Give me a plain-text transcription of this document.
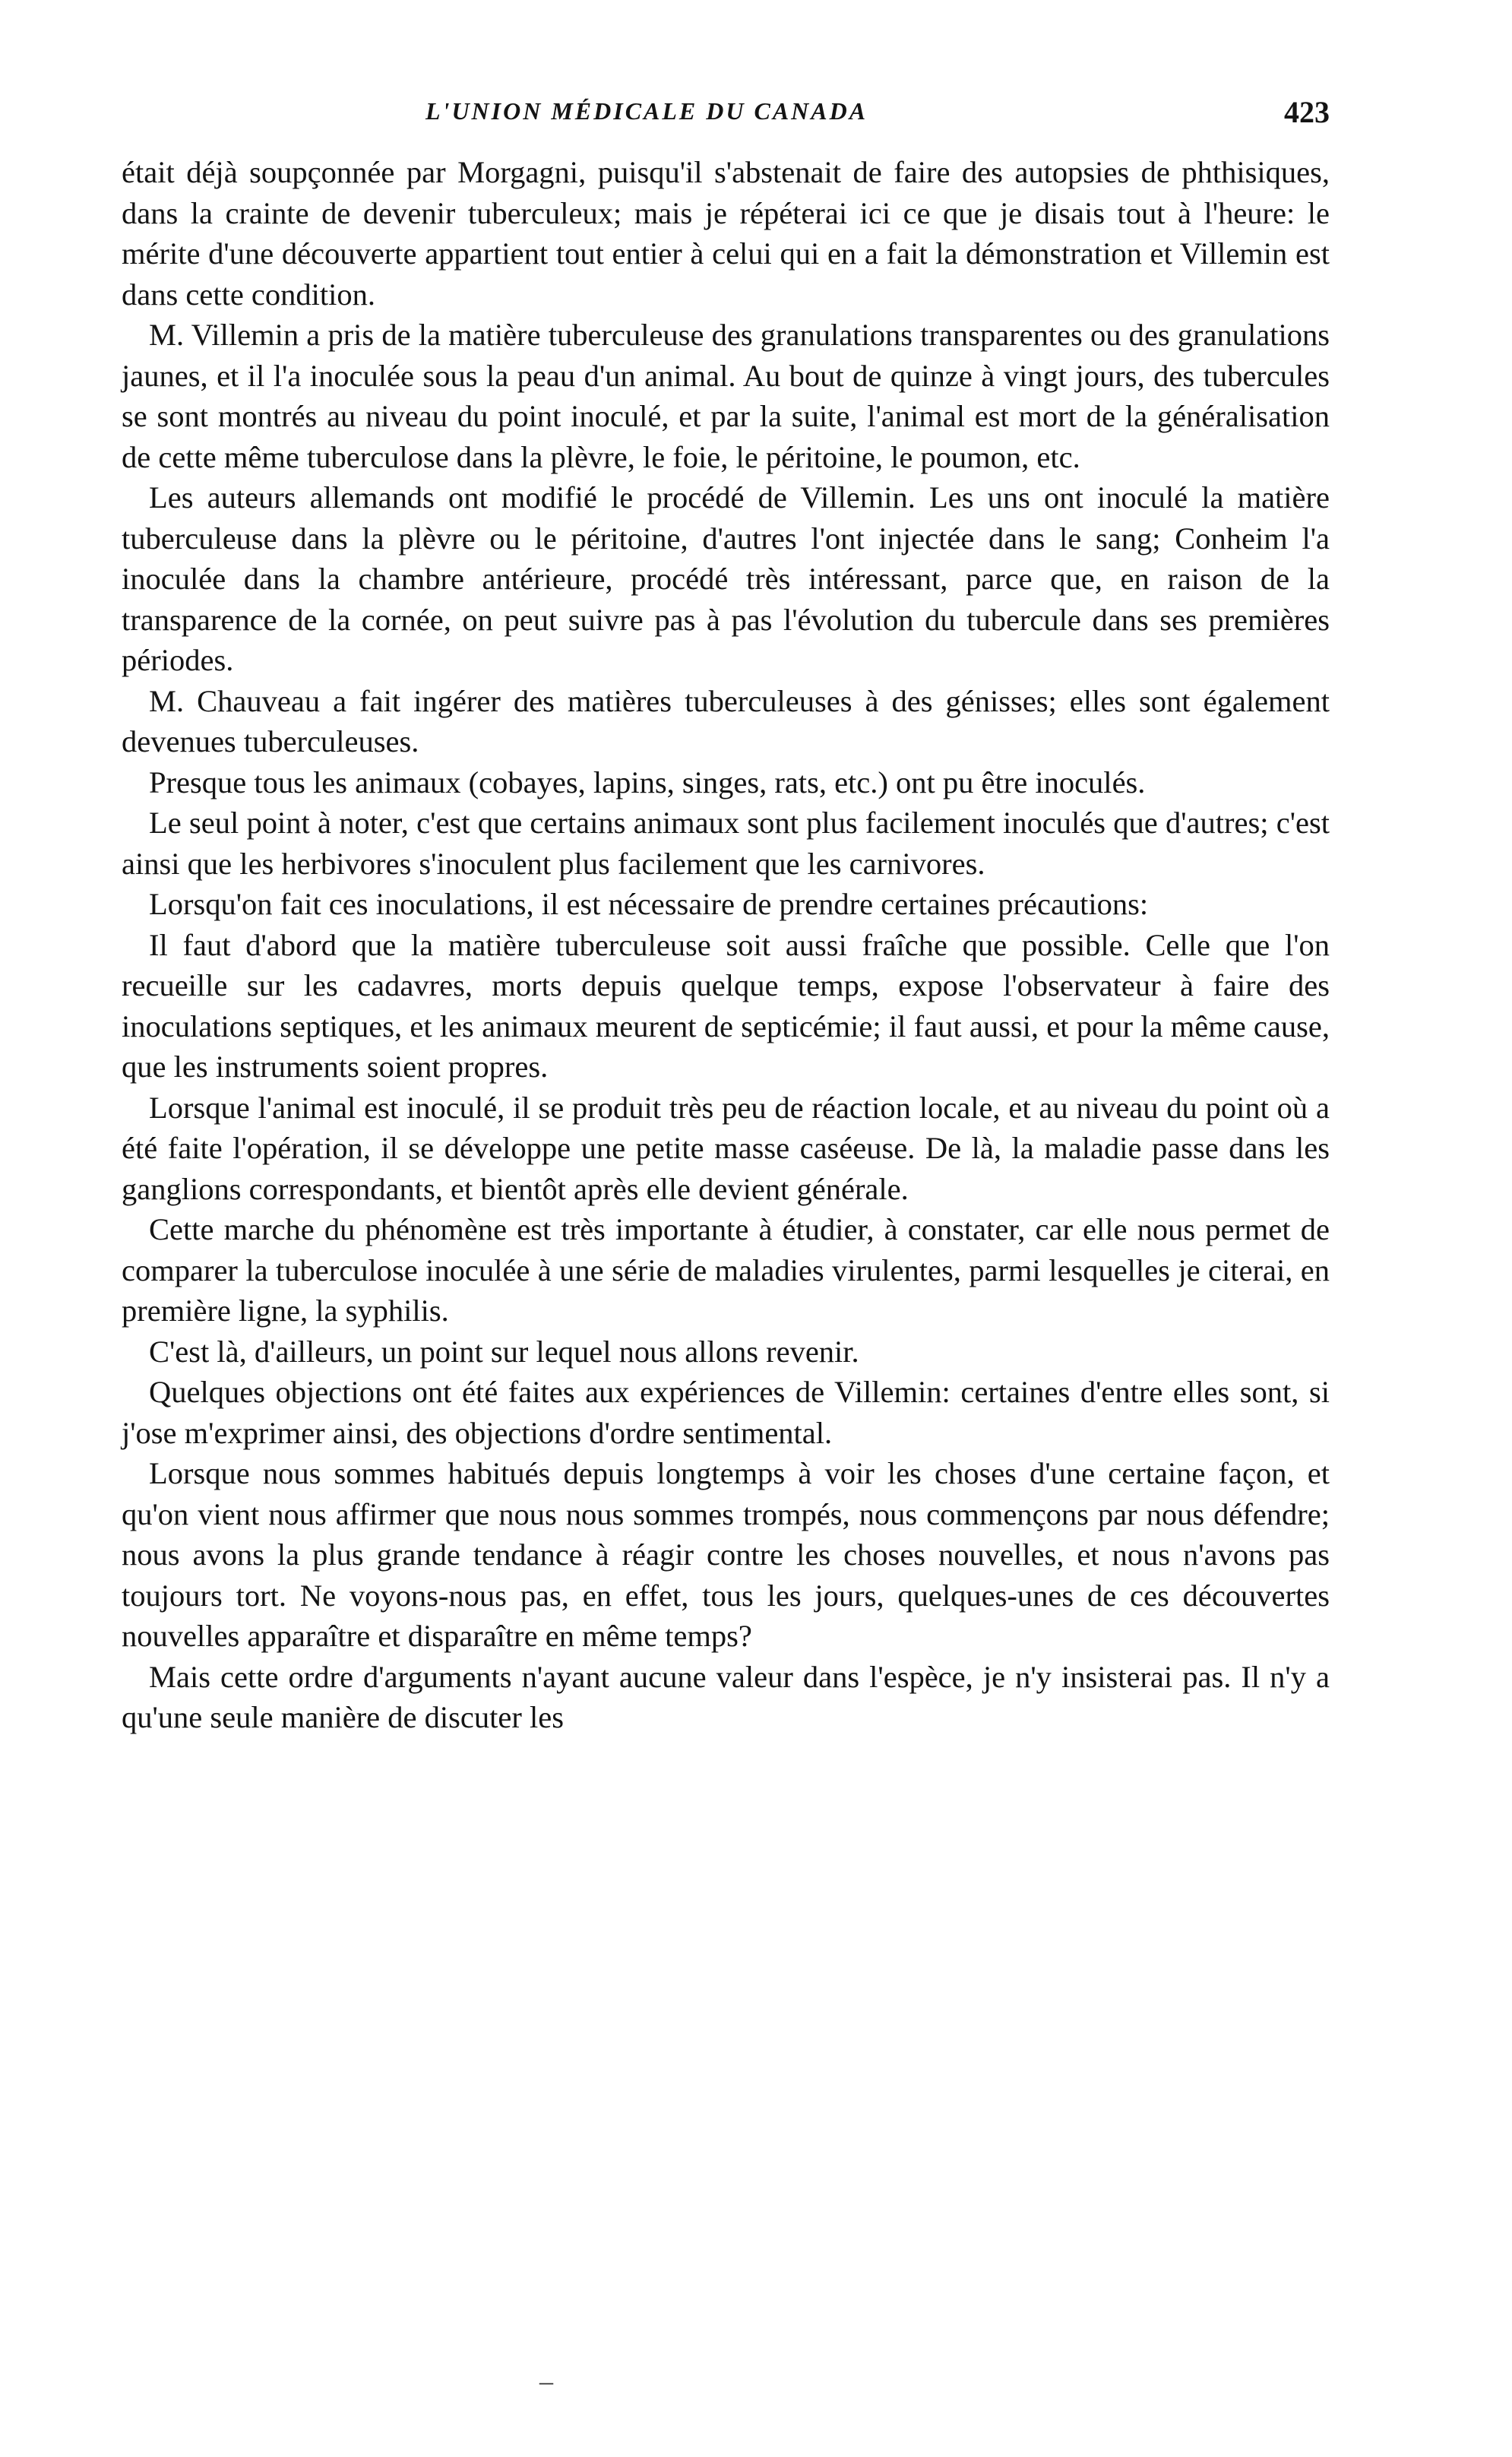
L'UNION MÉDICALE DU CANADA	423

était déjà soupçonnée par Morgagni, puisqu'il s'abstenait de faire des autopsies de phthisiques, dans la crainte de devenir tuberculeux; mais je répéterai ici ce que je disais tout à l'heure: le mérite d'une découverte appartient tout entier à celui qui en a fait la démonstration et Villemin est dans cette condition.

M. Villemin a pris de la matière tuberculeuse des granulations transparentes ou des granulations jaunes, et il l'a inoculée sous la peau d'un animal. Au bout de quinze à vingt jours, des tubercules se sont montrés au niveau du point inoculé, et par la suite, l'animal est mort de la généralisation de cette même tuberculose dans la plèvre, le foie, le péritoine, le poumon, etc.

Les auteurs allemands ont modifié le procédé de Villemin. Les uns ont inoculé la matière tuberculeuse dans la plèvre ou le péritoine, d'autres l'ont injectée dans le sang; Conheim l'a inoculée dans la chambre antérieure, procédé très intéressant, parce que, en raison de la transparence de la cornée, on peut suivre pas à pas l'évolution du tubercule dans ses premières périodes.

M. Chauveau a fait ingérer des matières tuberculeuses à des génisses; elles sont également devenues tuberculeuses.

Presque tous les animaux (cobayes, lapins, singes, rats, etc.) ont pu être inoculés.

Le seul point à noter, c'est que certains animaux sont plus facilement inoculés que d'autres; c'est ainsi que les herbivores s'inoculent plus facilement que les carnivores.

Lorsqu'on fait ces inoculations, il est nécessaire de prendre certaines précautions:

Il faut d'abord que la matière tuberculeuse soit aussi fraîche que possible. Celle que l'on recueille sur les cadavres, morts depuis quelque temps, expose l'observateur à faire des inoculations septiques, et les animaux meurent de septicémie; il faut aussi, et pour la même cause, que les instruments soient propres.

Lorsque l'animal est inoculé, il se produit très peu de réaction locale, et au niveau du point où a été faite l'opération, il se développe une petite masse caséeuse. De là, la maladie passe dans les ganglions correspondants, et bientôt après elle devient générale.

Cette marche du phénomène est très importante à étudier, à constater, car elle nous permet de comparer la tuberculose inoculée à une série de maladies virulentes, parmi lesquelles je citerai, en première ligne, la syphilis.

C'est là, d'ailleurs, un point sur lequel nous allons revenir.

Quelques objections ont été faites aux expériences de Villemin: certaines d'entre elles sont, si j'ose m'exprimer ainsi, des objections d'ordre sentimental.

Lorsque nous sommes habitués depuis longtemps à voir les choses d'une certaine façon, et qu'on vient nous affirmer que nous nous sommes trompés, nous commençons par nous défendre; nous avons la plus grande tendance à réagir contre les choses nouvelles, et nous n'avons pas toujours tort. Ne voyons-nous pas, en effet, tous les jours, quelques-unes de ces découvertes nouvelles apparaître et disparaître en même temps?

Mais cette ordre d'arguments n'ayant aucune valeur dans l'espèce, je n'y insisterai pas. Il n'y a qu'une seule manière de discuter les

–
